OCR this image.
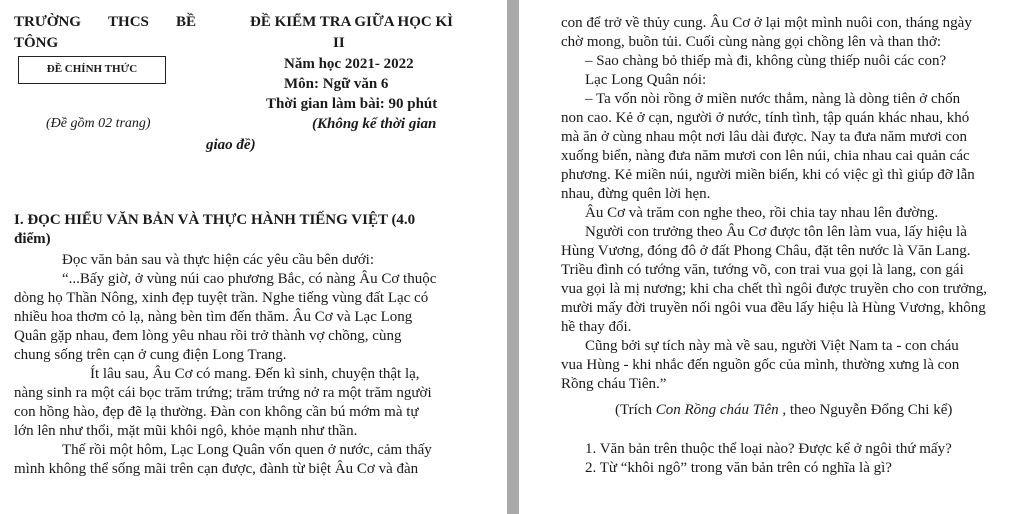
TRƯỜNG THCS BỀ
TÔNG
ĐỀ CHÍNH THỨC
(Đề gồm 02 trang)
ĐỀ KIỂM TRA GIỮA HỌC KÌ
II
Năm học 2021- 2022
Môn: Ngữ văn 6
Thời gian làm bài: 90 phút
(Không kể thời gian
giao đề)
I. ĐỌC HIỂU VĂN BẢN VÀ THỰC HÀNH TIẾNG VIỆT (4.0
điểm)
Đọc văn bản sau và thực hiện các yêu cầu bên dưới:
“...Bấy giờ, ở vùng núi cao phương Bắc, có nàng Âu Cơ thuộc
dòng họ Thần Nông, xinh đẹp tuyệt trần. Nghe tiếng vùng đất Lạc có
nhiều hoa thơm cỏ lạ, nàng bèn tìm đến thăm. Âu Cơ và Lạc Long
Quân gặp nhau, đem lòng yêu nhau rồi trở thành vợ chồng, cùng
chung sống trên cạn ở cung điện Long Trang.
Ít lâu sau, Âu Cơ có mang. Đến kì sinh, chuyện thật lạ,
nàng sinh ra một cái bọc trăm trứng; trăm trứng nở ra một trăm người
con hồng hào, đẹp đẽ lạ thường. Đàn con không cần bú mớm mà tự
lớn lên như thổi, mặt mũi khôi ngô, khỏe mạnh như thần.
Thế rồi một hôm, Lạc Long Quân vốn quen ở nước, cảm thấy
mình không thể sống mãi trên cạn được, đành từ biệt Âu Cơ và đàn
con để trở về thủy cung. Âu Cơ ở lại một mình nuôi con, tháng ngày
chờ mong, buồn tủi. Cuối cùng nàng gọi chồng lên và than thở:
– Sao chàng bỏ thiếp mà đi, không cùng thiếp nuôi các con?
Lạc Long Quân nói:
– Ta vốn nòi rồng ở miền nước thẳm, nàng là dòng tiên ở chốn
non cao. Kẻ ở cạn, người ở nước, tính tình, tập quán khác nhau, khó
mà ăn ở cùng nhau một nơi lâu dài được. Nay ta đưa năm mươi con
xuống biển, nàng đưa năm mươi con lên núi, chia nhau cai quản các
phương. Kẻ miền núi, người miền biển, khi có việc gì thì giúp đỡ lẫn
nhau, đừng quên lời hẹn.
Âu Cơ và trăm con nghe theo, rồi chia tay nhau lên đường.
Người con trưởng theo Âu Cơ được tôn lên làm vua, lấy hiệu là
Hùng Vương, đóng đô ở đất Phong Châu, đặt tên nước là Văn Lang.
Triều đình có tướng văn, tướng võ, con trai vua gọi là lang, con gái
vua gọi là mị nương; khi cha chết thì ngôi được truyền cho con trưởng,
mười mấy đời truyền nối ngôi vua đều lấy hiệu là Hùng Vương, không
hề thay đổi.
Cũng bởi sự tích này mà về sau, người Việt Nam ta - con cháu
vua Hùng - khi nhắc đến nguồn gốc của mình, thường xưng là con
Rồng cháu Tiên.”
(Trích Con Rồng cháu Tiên , theo Nguyễn Đổng Chi kể)
1. Văn bản trên thuộc thể loại nào? Được kể ở ngôi thứ mấy?
2. Từ “khôi ngô” trong văn bản trên có nghĩa là gì?
